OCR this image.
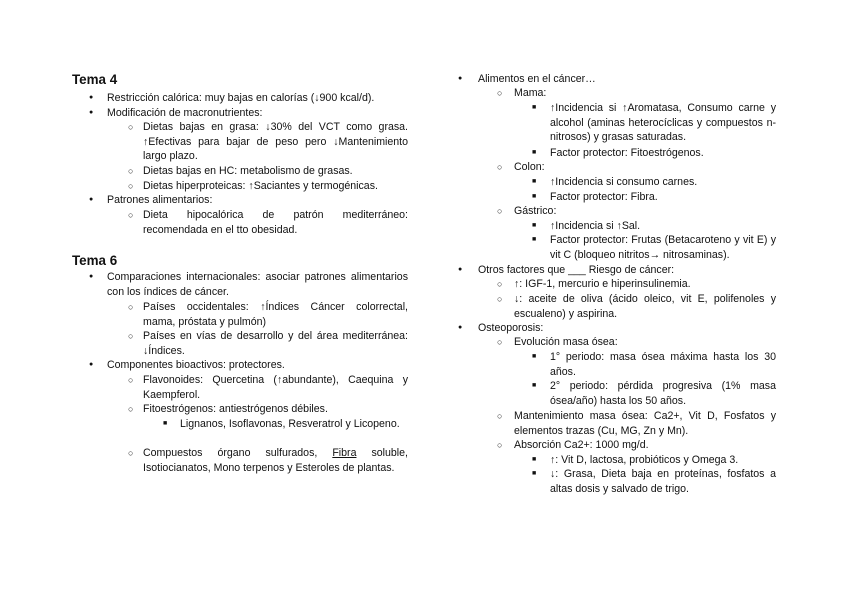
Tema 4
● Restricción calórica: muy bajas en calorías (↓900 kcal/d).
● Modificación de macronutrientes:
○ Dietas bajas en grasa: ↓30% del VCT como grasa. ↑Efectivas para bajar de peso pero ↓Mantenimiento largo plazo.
○ Dietas bajas en HC: metabolismo de grasas.
○ Dietas hiperproteicas: ↑Saciantes y termogénicas.
● Patrones alimentarios:
○ Dieta hipocalórica de patrón mediterráneo: recomendada en el tto obesidad.
Tema 6
● Comparaciones internacionales: asociar patrones alimentarios con los índices de cáncer.
○ Países occidentales: ↑Índices Cáncer colorrectal, mama, próstata y pulmón)
○ Países en vías de desarrollo y del área mediterránea: ↓Índices.
● Componentes bioactivos: protectores.
○ Flavonoides: Quercetina (↑abundante), Caequina y Kaempferol.
○ Fitoestrógenos: antiestrógenos débiles.
■ Lignanos, Isoflavonas, Resveratrol y Licopeno.
○ Compuestos órgano sulfurados, Fibra soluble, Isotiocianatos, Mono terpenos y Esteroles de plantas.
● Alimentos en el cáncer…
○ Mama:
■ ↑Incidencia si ↑Aromatasa, Consumo carne y alcohol (aminas heterocíclicas y compuestos n-nitrosos) y grasas saturadas.
■ Factor protector: Fitoestrógenos.
○ Colon:
■ ↑Incidencia si consumo carnes.
■ Factor protector: Fibra.
○ Gástrico:
■ ↑Incidencia si ↑Sal.
■ Factor protector: Frutas (Betacaroteno y vit E) y vit C (bloqueo nitritos→ nitrosaminas).
● Otros factores que ___ Riesgo de cáncer:
○ ↑: IGF-1, mercurio e hiperinsulinemia.
○ ↓: aceite de oliva (ácido oleico, vit E, polifenoles y escualeno) y aspirina.
● Osteoporosis:
○ Evolución masa ósea:
■ 1° periodo: masa ósea máxima hasta los 30 años.
■ 2° periodo: pérdida progresiva (1% masa ósea/año) hasta los 50 años.
○ Mantenimiento masa ósea: Ca2+, Vit D, Fosfatos y elementos trazas (Cu, MG, Zn y Mn).
○ Absorción Ca2+: 1000 mg/d.
■ ↑: Vit D, lactosa, probióticos y Omega 3.
■ ↓: Grasa, Dieta baja en proteínas, fosfatos a altas dosis y salvado de trigo.
